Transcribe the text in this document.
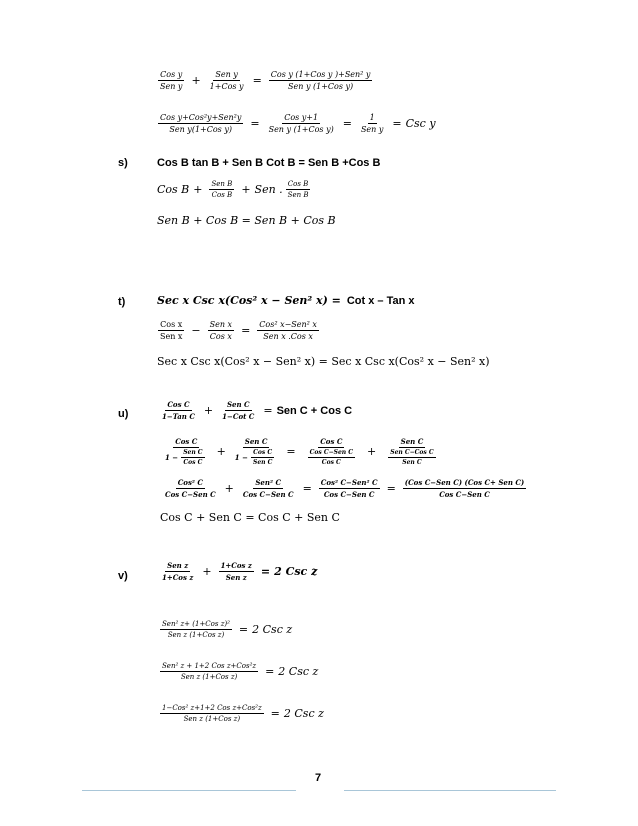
$\frac{\text{Cos y}}{\text{Sen y}} + \frac{\text{Sen y}}{\text{1+Cos y}} = \frac{\text{Cos y (1+Cos y )+Sen² y}}{\text{Sen y (1+Cos y)}}$
$\frac{\text{Cos y+Cos²y+Sen²y}}{\text{Sen y(1+Cos y)}} = \frac{\text{Cos y+1}}{\text{Sen y (1+Cos y)}} = \frac{1}{\text{Sen y}}$ = Csc y
s)	Cos B tan B + Sen B Cot B = Sen B +Cos B
Cos $B + \frac{\text{Sen B}}{\text{Cos B}}$ + Sen . $\frac{\text{Cos B}}{\text{Sen B}}$
Sen B + Cos B = Sen B + Cos B
t)	Sec x Csc x(Cos² x − Sen² x) = Cot x – Tan x
$\frac{\text{Cos x}}{\text{Sen x}} - \frac{\text{Sen x}}{\text{Cos x}} = \frac{\text{Cos² x−Sen² x}}{\text{Sen x .Cos x}}$
Sec x Csc x(Cos² x − Sen² x) = Sec x Csc x(Cos² x − Sen² x)
u)	$\frac{\text{Cos C}}{\text{1−Tan C}} + \frac{\text{Sen C}}{\text{1−Cot C}}$ = Sen C + Cos C
$\frac{\text{Cos C}}{1 - \frac{\text{Sen C}}{\text{Cos C}}} + \frac{\text{Sen C}}{1 - \frac{\text{Cos C}}{\text{Sen C}}} = \frac{\text{Cos C}}{\frac{\text{Cos C−Sen C}}{\text{Cos C}}} + \frac{\text{Sen C}}{\frac{\text{Sen C−Cos C}}{\text{Sen C}}}$
$\frac{\text{Cos² C}}{\text{Cos C−Sen C}} + \frac{\text{Sen² C}}{\text{Cos C−Sen C}} = \frac{\text{Cos² C−Sen² C}}{\text{Cos C−Sen C}} = \frac{\text{(Cos C−Sen C) (Cos C+ Sen C)}}{\text{Cos C−Sen C}}$
Cos C + Sen C = Cos C + Sen C
v)	$\frac{\text{Sen z}}{\text{1+Cos z}} + \frac{\text{1+Cos z}}{\text{Sen z}} = 2$ Csc z
$\frac{\text{Sen² z+ (1+Cos z)²}}{\text{Sen z (1+Cos z)}} = 2$ Csc z
$\frac{\text{Sen² z + 1+2 Cos z+Cos²z}}{\text{Sen z (1+Cos z)}} = 2$ Csc z
$\frac{\text{1−Cos² z+1+2 Cos z+Cos²z}}{\text{Sen z (1+Cos z)}} = 2$ Csc z
7
